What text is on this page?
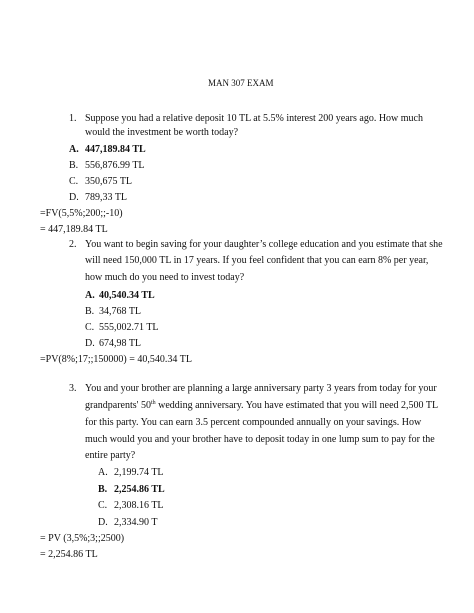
MAN 307 EXAM
1. Suppose you had a relative deposit 10 TL at 5.5% interest 200 years ago. How much
would the investment be worth today?
A. 447,189.84 TL
B. 556,876.99 TL
C. 350,675 TL
D. 789,33 TL
=FV(5,5%;200;;-10)
= 447,189.84 TL
2. You want to begin saving for your daughter’s college education and you estimate that she
will need 150,000 TL in 17 years. If you feel confident that you can earn 8% per year,
how much do you need to invest today?
A. 40,540.34 TL
B. 34,768 TL
C. 555,002.71 TL
D. 674,98 TL
=PV(8%;17;;150000) = 40,540.34 TL
3. You and your brother are planning a large anniversary party 3 years from today for your
grandparents' 50th wedding anniversary. You have estimated that you will need 2,500 TL
for this party. You can earn 3.5 percent compounded annually on your savings. How
much would you and your brother have to deposit today in one lump sum to pay for the
entire party?
A. 2,199.74 TL
B. 2,254.86 TL
C. 2,308.16 TL
D. 2,334.90 T
= PV (3,5%;3;;2500)
= 2,254.86 TL
